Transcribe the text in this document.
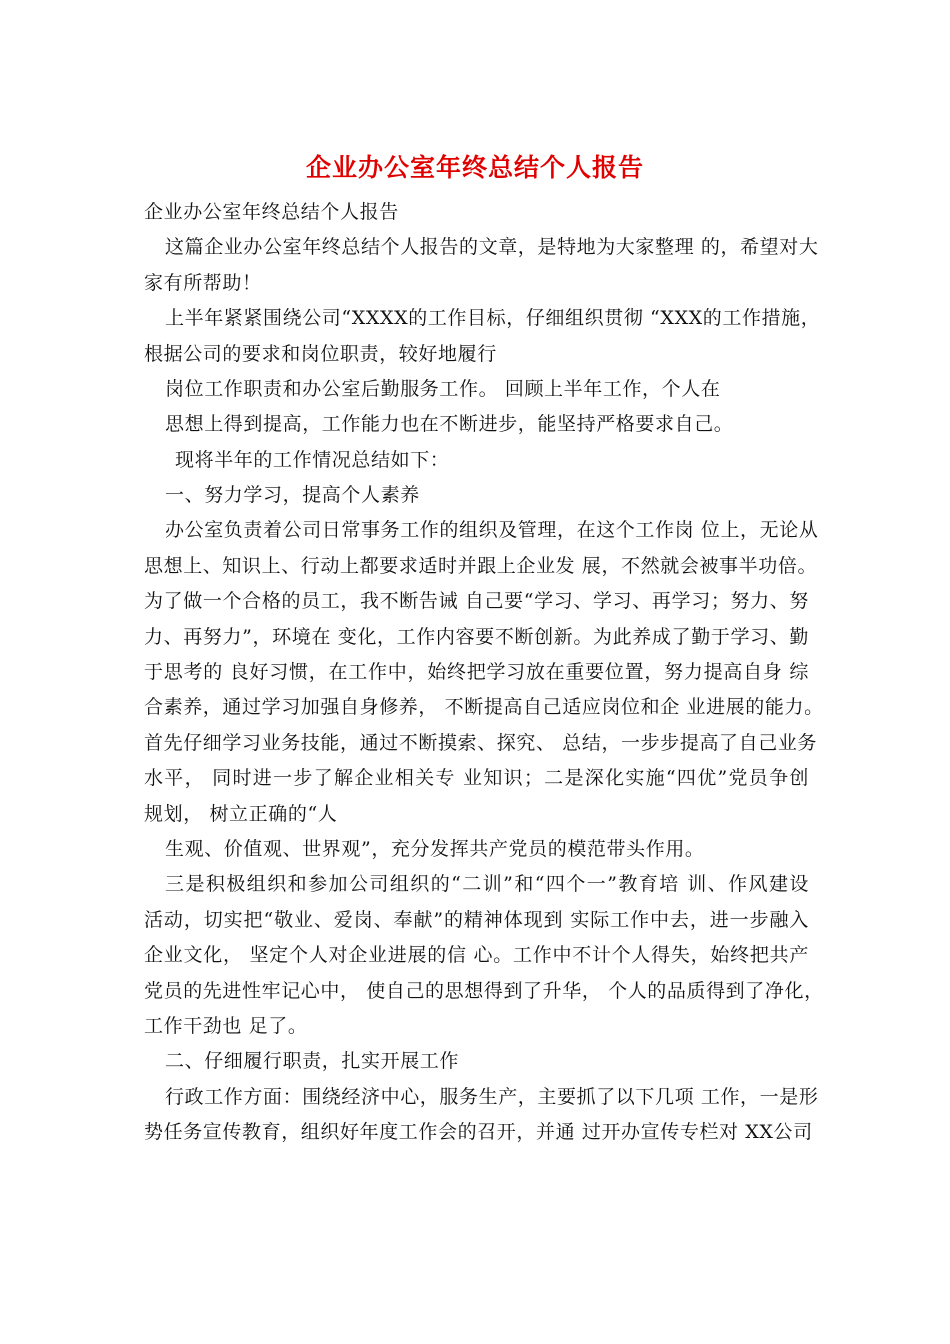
企业办公室年终总结个人报告
企业办公室年终总结个人报告
这篇企业办公室年终总结个人报告的文章，是特地为大家整理 的，希望对大
家有所帮助！
上半年紧紧围绕公司“XXXX的工作目标，仔细组织贯彻 “XXX的工作措施，
根据公司的要求和岗位职责，较好地履行
岗位工作职责和办公室后勤服务工作。 回顾上半年工作，个人在
思想上得到提高，工作能力也在不断进步，能坚持严格要求自己。
现将半年的工作情况总结如下：
一、努力学习，提高个人素养
办公室负责着公司日常事务工作的组织及管理，在这个工作岗 位上，无论从
思想上、知识上、行动上都要求适时并跟上企业发 展，不然就会被事半功倍。
为了做一个合格的员工，我不断告诫 自己要“学习、学习、再学习；努力、努
力、再努力”，环境在 变化，工作内容要不断创新。为此养成了勤于学习、勤
于思考的 良好习惯，在工作中，始终把学习放在重要位置，努力提高自身 综
合素养，通过学习加强自身修养， 不断提高自己适应岗位和企 业进展的能力。
首先仔细学习业务技能，通过不断摸索、探究、 总结，一步步提高了自己业务
水平， 同时进一步了解企业相关专 业知识；二是深化实施“四优”党员争创
规划， 树立正确的“人
生观、价值观、世界观”，充分发挥共产党员的模范带头作用。
三是积极组织和参加公司组织的“二训”和“四个一”教育培 训、作风建设
活动，切实把“敬业、爱岗、奉献”的精神体现到 实际工作中去，进一步融入
企业文化， 坚定个人对企业进展的信 心。工作中不计个人得失，始终把共产
党员的先进性牢记心中， 使自己的思想得到了升华， 个人的品质得到了净化，
工作干劲也 足了。
二、仔细履行职责，扎实开展工作
行政工作方面：围绕经济中心，服务生产，主要抓了以下几项 工作，一是形
势任务宣传教育，组织好年度工作会的召开，并通 过开办宣传专栏对 XX公司
